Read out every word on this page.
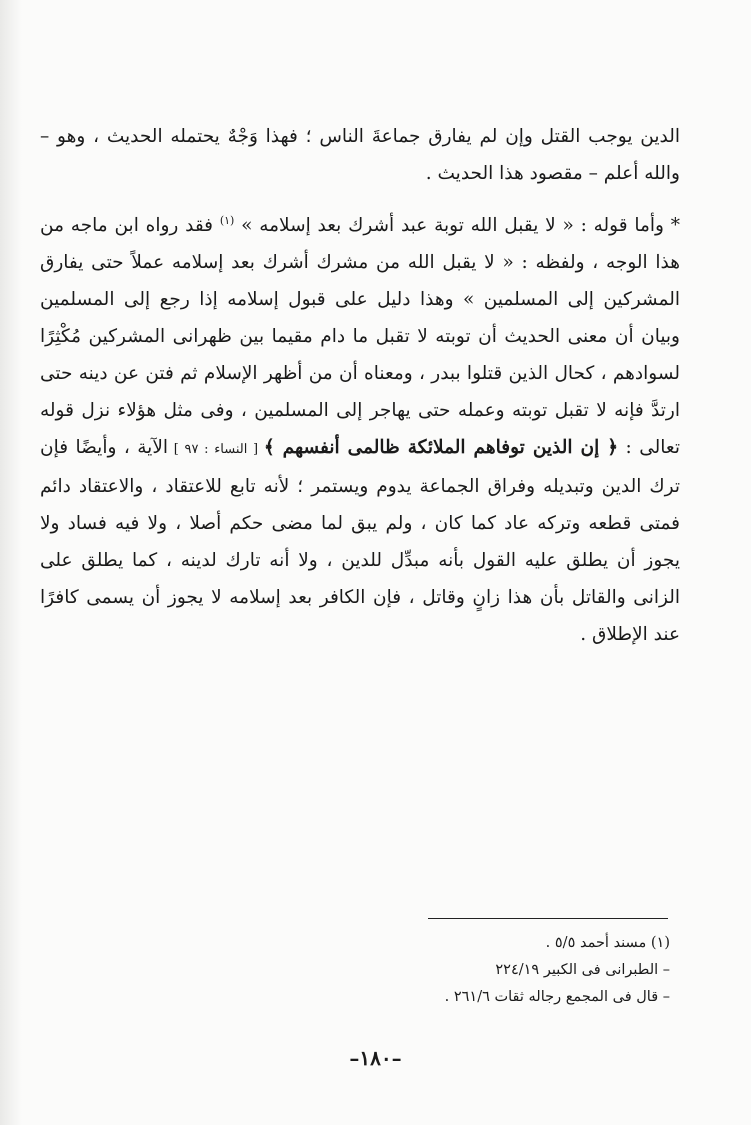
الدين يوجب القتل وإن لم يفارق جماعةَ الناس ؛ فهذا وَجْهٌ يحتمله الحديث ، وهو – والله أعلم – مقصود هذا الحديث .

* وأما قوله : « لا يقبل الله توبة عبد أشرك بعد إسلامه » $^{(١)}$ فقد رواه ابن ماجه من هذا الوجه ، ولفظه : « لا يقبل الله من مشرك أشرك بعد إسلامه عملاً حتى يفارق المشركين إلى المسلمين » وهذا دليل على قبول إسلامه إذا رجع إلى المسلمين وبيان أن معنى الحديث أن توبته لا تقبل ما دام مقيما بين ظهرانى المشركين مُكْثِرًا لسوادهم ، كحال الذين قتلوا ببدر ، ومعناه أن من أظهر الإسلام ثم فتن عن دينه حتى ارتدَّ فإنه لا تقبل توبته وعمله حتى يهاجر إلى المسلمين ، وفى مثل هؤلاء نزل قوله تعالى : ﴿ إن الذين توفاهم الملائكة ظالمى أنفسهم ﴾ [ النساء : ٩٧ ] الآية ، وأيضًا فإن ترك الدين وتبديله وفراق الجماعة يدوم ويستمر ؛ لأنه تابع للاعتقاد ، والاعتقاد دائم فمتى قطعه وتركه عاد كما كان ، ولم يبق لما مضى حكم أصلا ، ولا فيه فساد ولا يجوز أن يطلق عليه القول بأنه مبدِّل للدين ، ولا أنه تارك لدينه ، كما يطلق على الزانى والقاتل بأن هذا زانٍ وقاتل ، فإن الكافر بعد إسلامه لا يجوز أن يسمى كافرًا عند الإطلاق .

(١) مسند أحمد ٥/٥ .

– الطبرانى فى الكبير ٢٢٤/١٩

– قال فى المجمع رجاله ثقات ٢٦١/٦ .

–١٨٠–
